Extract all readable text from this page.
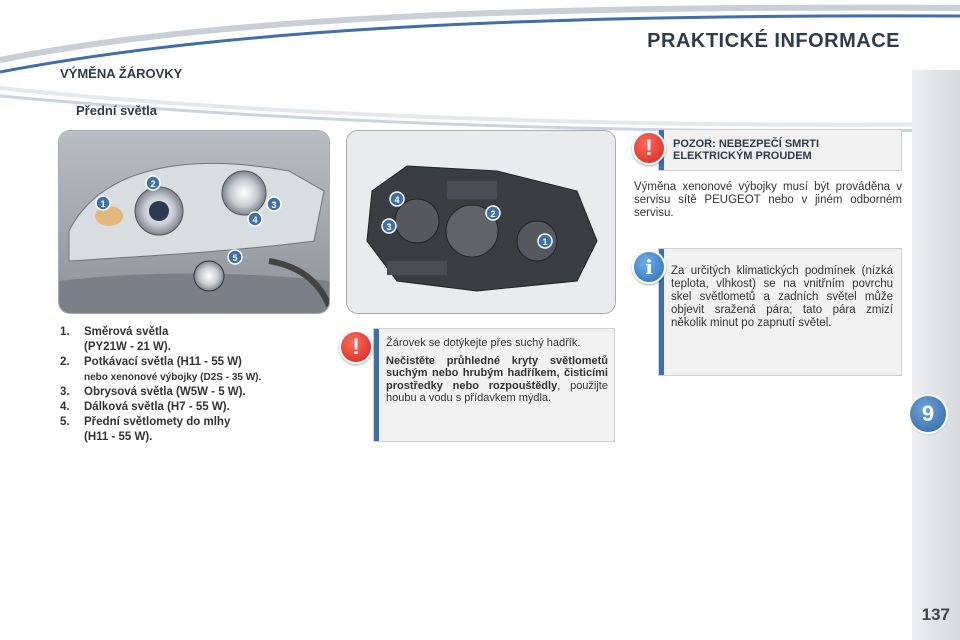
PRAKTICKÉ INFORMACE
VÝMĚNA ŽÁROVKY
Přední světla
1
2
3
4
5
1
2
3
4
1.	Směrová světla
(PY21W - 21 W).
2.	Potkávací světla (H11 - 55 W)
nebo xenonové výbojky (D2S - 35 W).
3.	Obrysová světla (W5W - 5 W).
4.	Dálková světla (H7 - 55 W).
5.	Přední světlomety do mlhy
(H11 - 55 W).

Žárovek se dotýkejte přes suchý hadřík.

Nečistěte průhledné kryty světlometů suchým nebo hrubým hadříkem, čisticími prostředky nebo rozpouštědly, použijte houbu a vodu s přídavkem mýdla.

!
POZOR: NEBEZPEČÍ SMRTI ELEKTRICKÝM PROUDEM
!
Výměna xenonové výbojky musí být prováděna v servisu sítě PEUGEOT nebo v jiném odborném servisu.
Za určitých klimatických podmínek (nízká teplota, vlhkost) se na vnitřním povrchu skel světlometů a zadních světel může objevit sražená pára; tato pára zmizí několik minut po zapnutí světel.
i
9
137
